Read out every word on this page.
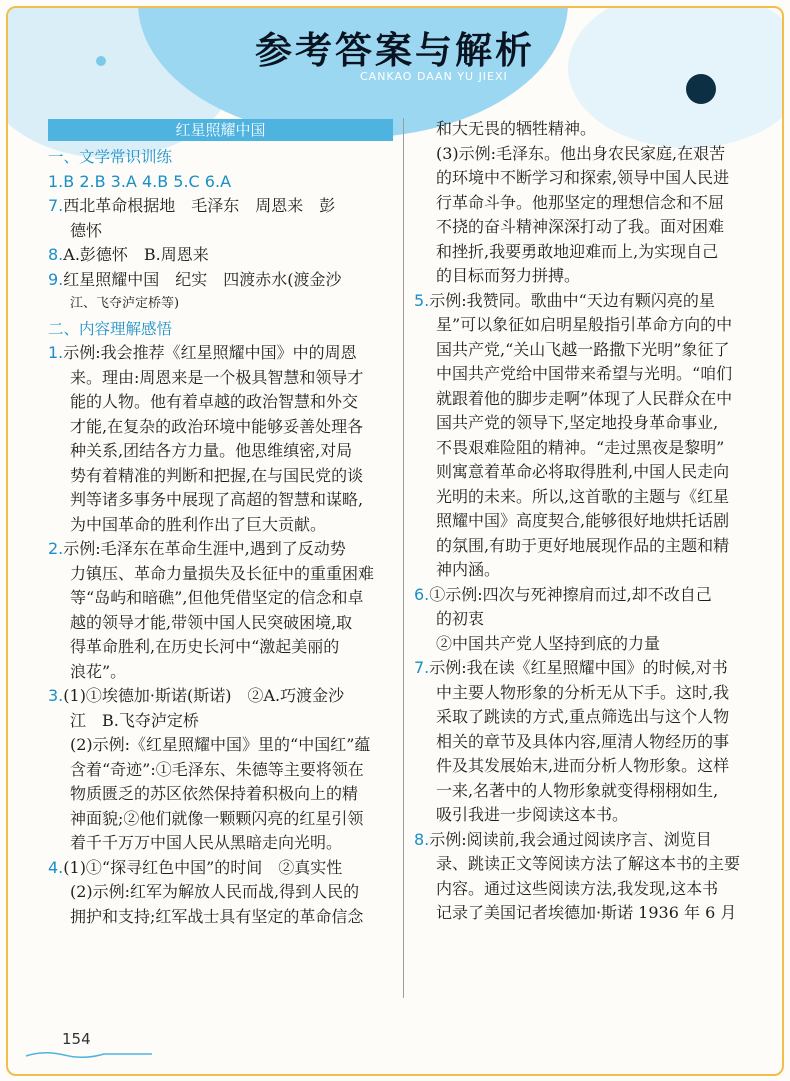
参考答案与解析
CANKAO DAAN YU JIEXI
红星照耀中国
一、文学常识训练
1.B 2.B 3.A 4.B 5.C 6.A
7.西北革命根据地　毛泽东　周恩来　彭
德怀
8.A.彭德怀　B.周恩来
9.红星照耀中国　纪实　四渡赤水(渡金沙
江、飞夺泸定桥等)
二、内容理解感悟
1.示例:我会推荐《红星照耀中国》中的周恩
来。理由:周恩来是一个极具智慧和领导才
能的人物。他有着卓越的政治智慧和外交
才能,在复杂的政治环境中能够妥善处理各
种关系,团结各方力量。他思维缜密,对局
势有着精准的判断和把握,在与国民党的谈
判等诸多事务中展现了高超的智慧和谋略,
为中国革命的胜利作出了巨大贡献。
2.示例:毛泽东在革命生涯中,遇到了反动势
力镇压、革命力量损失及长征中的重重困难
等“岛屿和暗礁”,但他凭借坚定的信念和卓
越的领导才能,带领中国人民突破困境,取
得革命胜利,在历史长河中“激起美丽的
浪花”。
3.(1)①埃德加·斯诺(斯诺)　②A.巧渡金沙
江　B.飞夺泸定桥
(2)示例:《红星照耀中国》里的“中国红”蕴
含着“奇迹”:①毛泽东、朱德等主要将领在
物质匮乏的苏区依然保持着积极向上的精
神面貌;②他们就像一颗颗闪亮的红星引领
着千千万万中国人民从黑暗走向光明。
4.(1)①“探寻红色中国”的时间　②真实性
(2)示例:红军为解放人民而战,得到人民的
拥护和支持;红军战士具有坚定的革命信念
和大无畏的牺牲精神。
(3)示例:毛泽东。他出身农民家庭,在艰苦
的环境中不断学习和探索,领导中国人民进
行革命斗争。他那坚定的理想信念和不屈
不挠的奋斗精神深深打动了我。面对困难
和挫折,我要勇敢地迎难而上,为实现自己
的目标而努力拼搏。
5.示例:我赞同。歌曲中“天边有颗闪亮的星
星”可以象征如启明星般指引革命方向的中
国共产党,“关山飞越一路撒下光明”象征了
中国共产党给中国带来希望与光明。“咱们
就跟着他的脚步走啊”体现了人民群众在中
国共产党的领导下,坚定地投身革命事业,
不畏艰难险阻的精神。“走过黑夜是黎明”
则寓意着革命必将取得胜利,中国人民走向
光明的未来。所以,这首歌的主题与《红星
照耀中国》高度契合,能够很好地烘托话剧
的氛围,有助于更好地展现作品的主题和精
神内涵。
6.①示例:四次与死神擦肩而过,却不改自己
的初衷
②中国共产党人坚持到底的力量
7.示例:我在读《红星照耀中国》的时候,对书
中主要人物形象的分析无从下手。这时,我
采取了跳读的方式,重点筛选出与这个人物
相关的章节及具体内容,厘清人物经历的事
件及其发展始末,进而分析人物形象。这样
一来,名著中的人物形象就变得栩栩如生,
吸引我进一步阅读这本书。
8.示例:阅读前,我会通过阅读序言、浏览目
录、跳读正文等阅读方法了解这本书的主要
内容。通过这些阅读方法,我发现,这本书
记录了美国记者埃德加·斯诺 1936 年 6 月
154
